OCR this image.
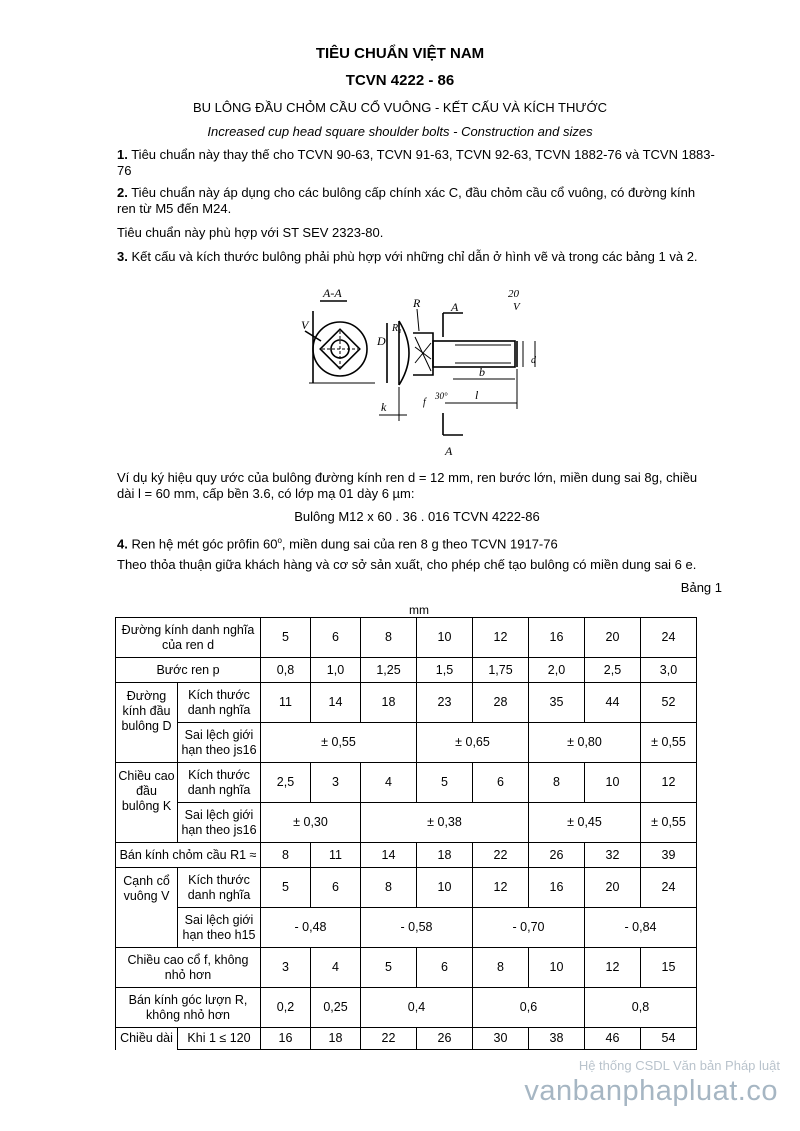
TIÊU CHUẨN VIỆT NAM
TCVN 4222 - 86
BU LÔNG ĐẦU CHỎM CẦU CỔ VUÔNG - KẾT CẤU VÀ KÍCH THƯỚC
Increased cup head square shoulder bolts - Construction and sizes
1. Tiêu chuẩn này thay thế cho TCVN 90-63, TCVN 91-63, TCVN 92-63, TCVN 1882-76 và TCVN 1883-76
2. Tiêu chuẩn này áp dụng cho các bulông cấp chính xác C, đầu chỏm cầu cổ vuông, có đường kính ren từ M5 đến M24.
Tiêu chuẩn này phù hợp với ST SEV 2323-80.
3. Kết cấu và kích thước bulông phải phù hợp với những chỉ dẫn ở hình vẽ và trong các bảng 1 và 2.
A-A
V
D
R₁
R
d
A
20
V
30°
f
b
l
k
A
Ví dụ ký hiệu quy ước của bulông đường kính ren d = 12 mm, ren bước lớn, miền dung sai 8g, chiều dài l = 60 mm, cấp bền 3.6, có lớp mạ 01 dày 6 µm:
Bulông M12 x 60 . 36 . 016 TCVN 4222-86
4. Ren hệ mét góc prôfin 60$^o$, miền dung sai của ren 8 g theo TCVN 1917-76
Theo thỏa thuận giữa khách hàng và cơ sở sản xuất, cho phép chế tạo bulông có miền dung sai 6 e.
Bảng 1
mm
Đường kính danh nghĩa của ren d		5	6	8	10	12	16	20	24
Bước ren p		0,8	1,0	1,25	1,5	1,75	2,0	2,5	3,0
Đường kính đầu bulông D	Kích thước danh nghĩa	11	14	18	23	28	35	44	52
	Sai lệch giới hạn theo js16	± 0,55			± 0,65		± 0,80		± 0,55
Chiều cao đầu bulông K	Kích thước danh nghĩa	2,5	3	4	5	6	8	10	12
	Sai lệch giới hạn theo js16	± 0,30		± 0,38			± 0,45		± 0,55
Bán kính chỏm cầu R1 ≈		8	11	14	18	22	26	32	39
Cạnh cổ vuông V	Kích thước danh nghĩa	5	6	8	10	12	16	20	24
	Sai lệch giới hạn theo h15	- 0,48		- 0,58		- 0,70		- 0,84	
Chiều cao cổ f, không nhỏ hơn		3	4	5	6	8	10	12	15
Bán kính góc lượn R, không nhỏ hơn		0,2	0,25	0,4		0,6		0,8	
Chiều dài	Khi 1 ≤ 120	16	18	22	26	30	38	46	54
Hệ thống CSDL Văn bản Pháp luật
vanbanphapluat.co
